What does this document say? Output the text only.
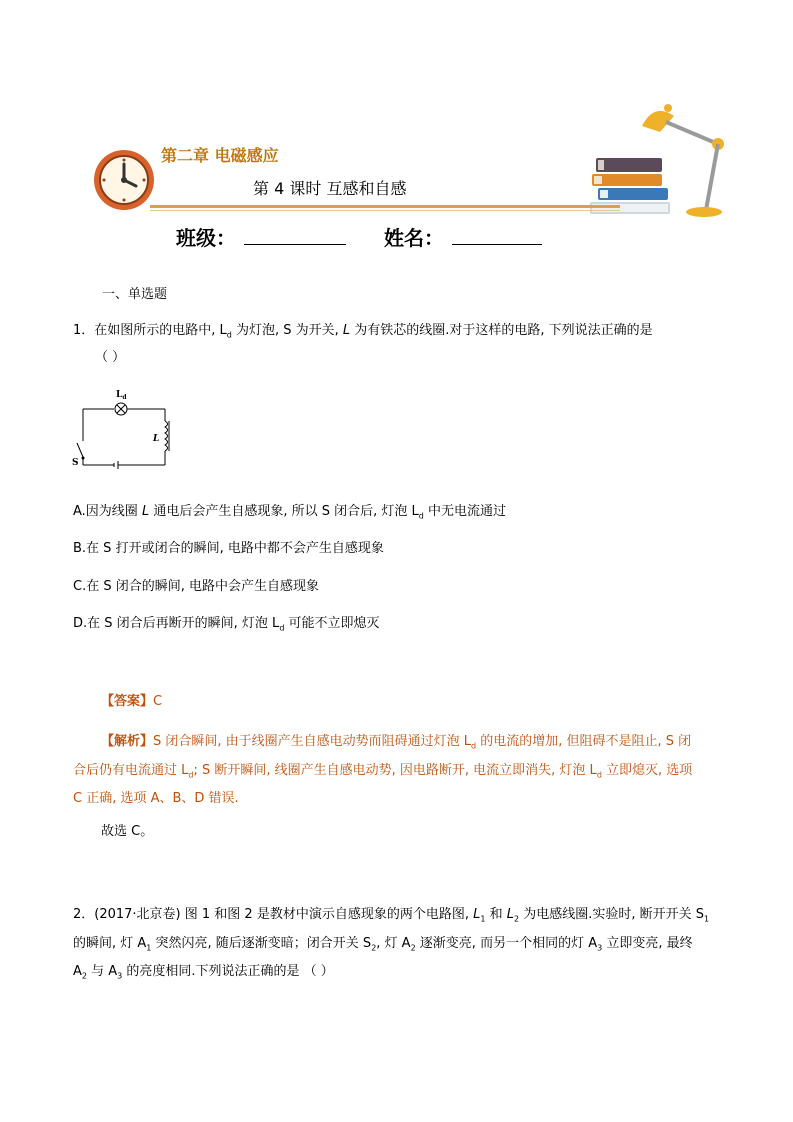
第二章 电磁感应
第 4 课时 互感和自感
班级：	姓名：
一、单选题
1．在如图所示的电路中, $L_d$ 为灯泡, S 为开关, L 为有铁芯的线圈.对于这样的电路, 下列说法正确的是
（ ）
$L_d$
L
S
A.因为线圈 L 通电后会产生自感现象, 所以 S 闭合后, 灯泡 $L_d$ 中无电流通过
B.在 S 打开或闭合的瞬间, 电路中都不会产生自感现象
C.在 S 闭合的瞬间, 电路中会产生自感现象
D.在 S 闭合后再断开的瞬间, 灯泡 $L_d$ 可能不立即熄灭
【答案】C
【解析】S 闭合瞬间, 由于线圈产生自感电动势而阻碍通过灯泡 $L_d$ 的电流的增加, 但阻碍不是阻止, S 闭
合后仍有电流通过 $L_d$; S 断开瞬间, 线圈产生自感电动势, 因电路断开, 电流立即消失, 灯泡 $L_d$ 立即熄灭, 选项
C 正确, 选项 A、B、D 错误.
故选 C。
2．(2017·北京卷) 图 1 和图 2 是教材中演示自感现象的两个电路图, $L_1$ 和 $L_2$ 为电感线圈.实验时, 断开开关 $S_1$
的瞬间, 灯 $A_1$ 突然闪亮, 随后逐渐变暗；闭合开关 $S_2$, 灯 $A_2$ 逐渐变亮, 而另一个相同的灯 $A_3$ 立即变亮, 最终
$A_2$ 与 $A_3$ 的亮度相同.下列说法正确的是 （ ）
